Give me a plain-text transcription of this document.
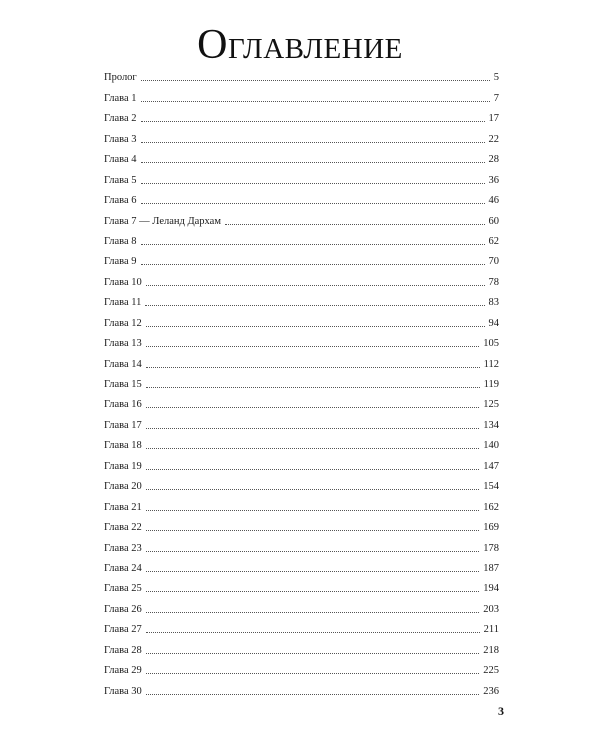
Оглавление
Пролог	5
Глава 1	7
Глава 2	17
Глава 3	22
Глава 4	28
Глава 5	36
Глава 6	46
Глава 7 — Леланд Дархам	60
Глава 8	62
Глава 9	70
Глава 10	78
Глава 11	83
Глава 12	94
Глава 13	105
Глава 14	112
Глава 15	119
Глава 16	125
Глава 17	134
Глава 18	140
Глава 19	147
Глава 20	154
Глава 21	162
Глава 22	169
Глава 23	178
Глава 24	187
Глава 25	194
Глава 26	203
Глава 27	211
Глава 28	218
Глава 29	225
Глава 30	236
3
